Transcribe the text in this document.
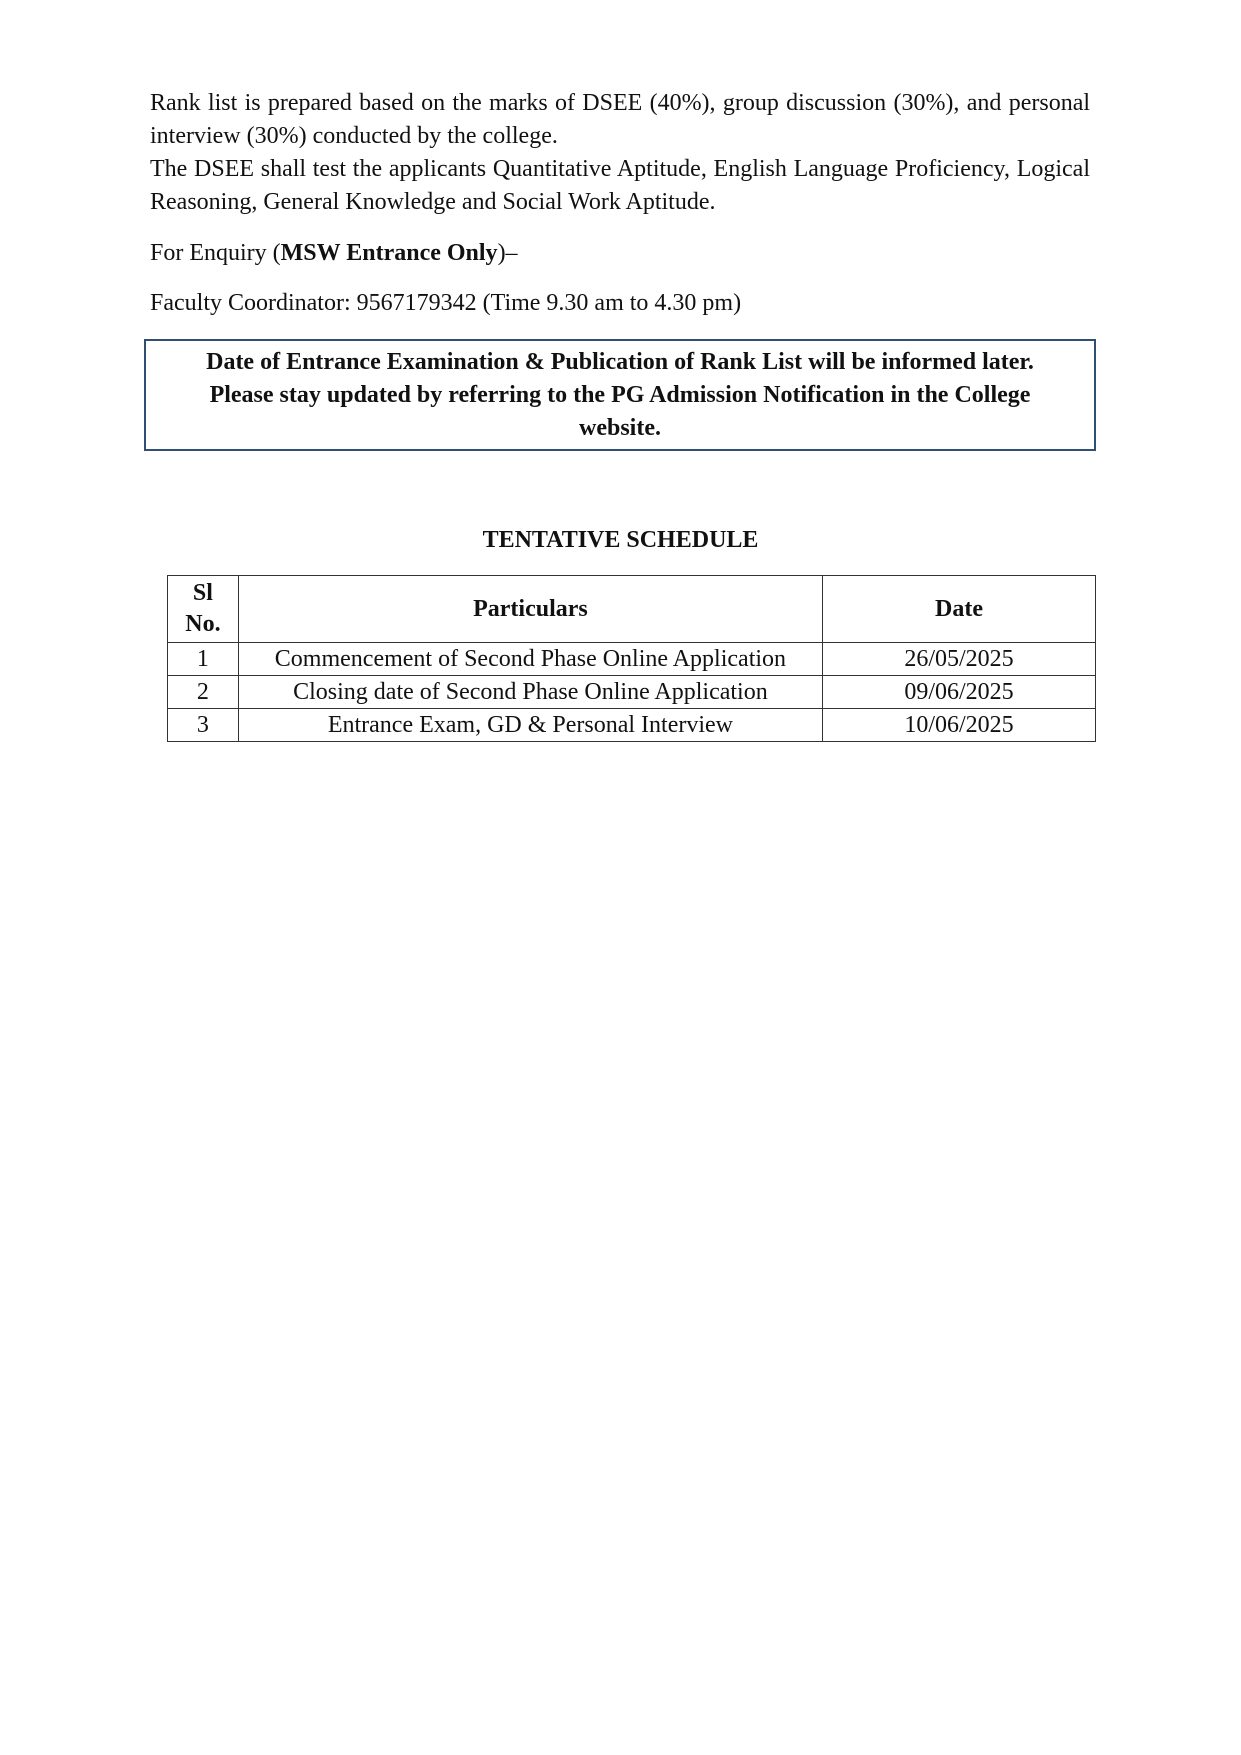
Rank list is prepared based on the marks of DSEE (40%), group discussion (30%), and personal interview (30%) conducted by the college.

The DSEE shall test the applicants Quantitative Aptitude, English Language Proficiency, Logical Reasoning, General Knowledge and Social Work Aptitude.

For Enquiry (MSW Entrance Only)–

Faculty Coordinator: 9567179342 (Time 9.30 am to 4.30 pm)

Date of Entrance Examination & Publication of Rank List will be informed later.
Please stay updated by referring to the PG Admission Notification in the College
website.

TENTATIVE SCHEDULE

Sl
No.	Particulars	Date
1	Commencement of Second Phase Online Application	26/05/2025
2	Closing date of Second Phase Online Application	09/06/2025
3	Entrance Exam, GD & Personal Interview	10/06/2025
